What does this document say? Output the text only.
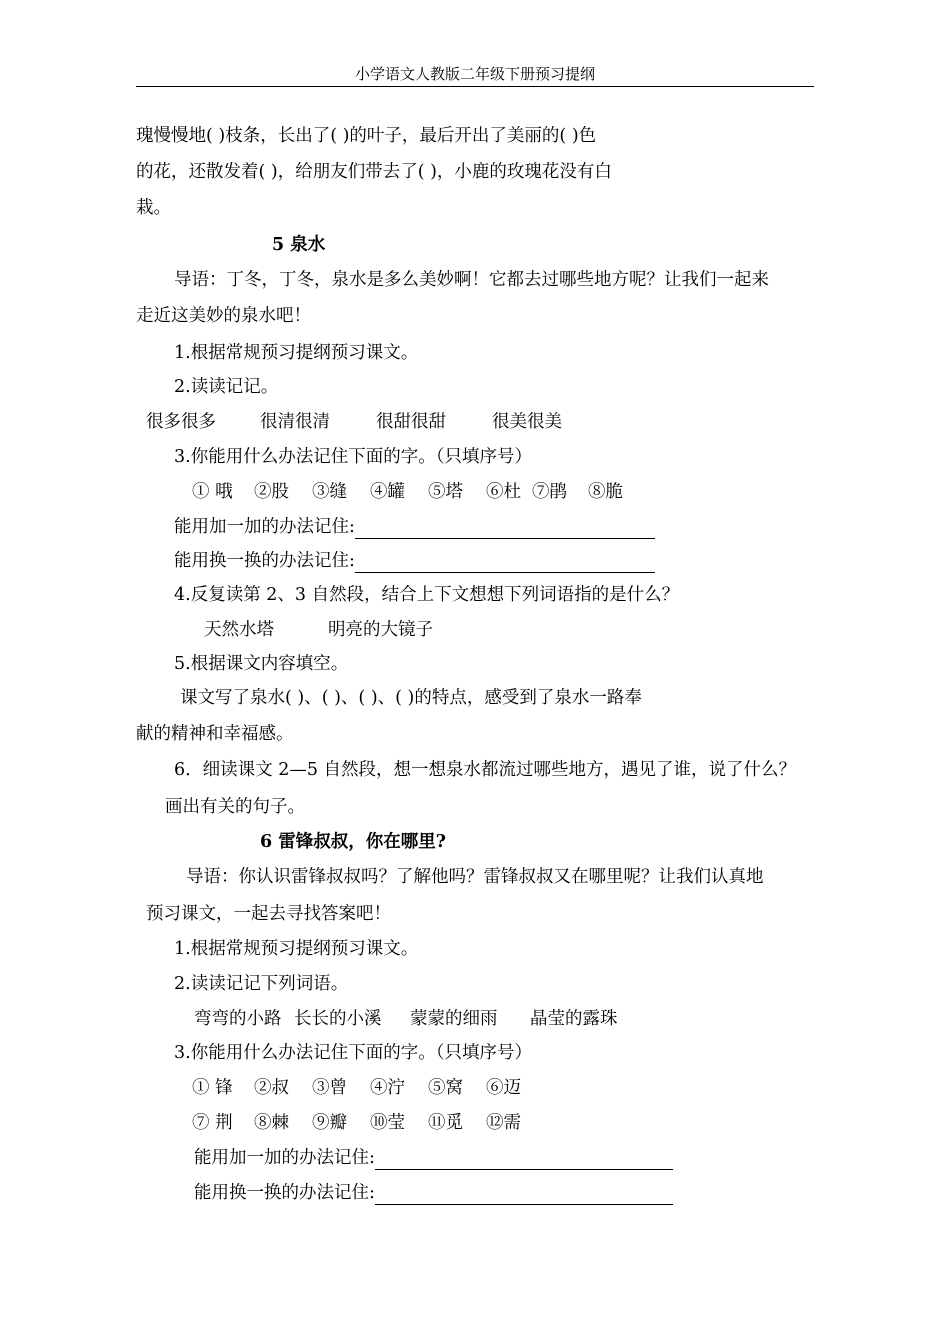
小学语文人教版二年级下册预习提纲
瑰慢慢地( )枝条，长出了( )的叶子，最后开出了美丽的( )色
的花，还散发着( )，给朋友们带去了( )，小鹿的玫瑰花没有白
栽。
5 泉水
导语：丁冬，丁冬，泉水是多么美妙啊！它都去过哪些地方呢？让我们一起来
走近这美妙的泉水吧！
1.根据常规预习提纲预习课文。
2.读读记记。
很多很多	很清很清	很甜很甜	很美很美
3.你能用什么办法记住下面的字。（只填序号）
① 哦 ②股 ③缝 ④罐 ⑤塔 ⑥杜 ⑦鹃 ⑧脆
能用加一加的办法记住:
能用换一换的办法记住:
4.反复读第 2、3 自然段，结合上下文想想下列词语指的是什么？
天然水塔	明亮的大镜子
5.根据课文内容填空。
课文写了泉水( )、( )、( )、( )的特点，感受到了泉水一路奉
献的精神和幸福感。
6．细读课文 2—5 自然段，想一想泉水都流过哪些地方，遇见了谁，说了什么？
画出有关的句子。
6 雷锋叔叔，你在哪里?
导语：你认识雷锋叔叔吗？了解他吗？雷锋叔叔又在哪里呢？让我们认真地
预习课文，一起去寻找答案吧！
1.根据常规预习提纲预习课文。
2.读读记记下列词语。
弯弯的小路 长长的小溪 蒙蒙的细雨 晶莹的露珠
3.你能用什么办法记住下面的字。（只填序号）
① 锋 ②叔 ③曾 ④泞 ⑤窝 ⑥迈
⑦ 荆 ⑧棘 ⑨瓣 ⑩莹 ⑪觅 ⑫需
能用加一加的办法记住:
能用换一换的办法记住:
